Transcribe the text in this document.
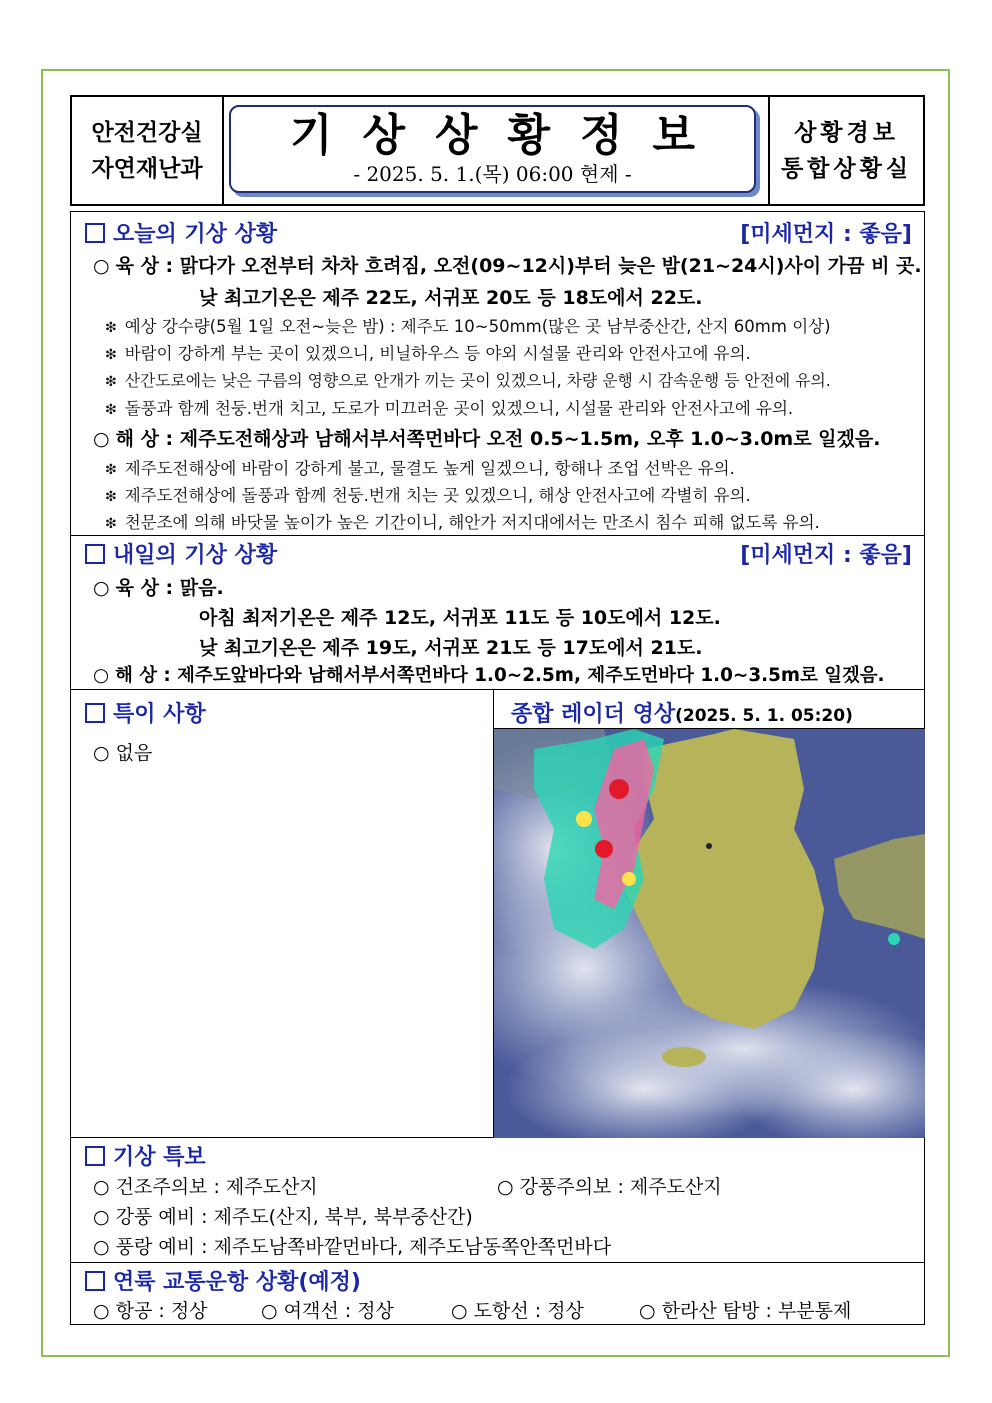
안전건강실
자연재난과
기상상황정보
- 2025. 5. 1.(목) 06:00 현제 -
상황경보
통합상황실
오늘의 기상 상황	[미세먼지 : 좋음]
○ 육 상 : 맑다가 오전부터 차차 흐려짐, 오전(09~12시)부터 늦은 밤(21~24시)사이 가끔 비 곳.
낮 최고기온은 제주 22도, 서귀포 20도 등 18도에서 22도.
❇ 예상 강수량(5월 1일 오전~늦은 밤) : 제주도 10~50mm(많은 곳 남부중산간, 산지 60mm 이상)
❇ 바람이 강하게 부는 곳이 있겠으니, 비닐하우스 등 야외 시설물 관리와 안전사고에 유의.
❇ 산간도로에는 낮은 구름의 영향으로 안개가 끼는 곳이 있겠으니, 차량 운행 시 감속운행 등 안전에 유의.
❇ 돌풍과 함께 천둥.번개 치고, 도로가 미끄러운 곳이 있겠으니, 시설물 관리와 안전사고에 유의.
○ 해 상 : 제주도전해상과 남해서부서쪽먼바다 오전 0.5~1.5m, 오후 1.0~3.0m로 일겠음.
❇ 제주도전해상에 바람이 강하게 불고, 물결도 높게 일겠으니, 항해나 조업 선박은 유의.
❇ 제주도전해상에 돌풍과 함께 천둥.번개 치는 곳 있겠으니, 해상 안전사고에 각별히 유의.
❇ 천문조에 의해 바닷물 높이가 높은 기간이니, 해안가 저지대에서는 만조시 침수 피해 없도록 유의.
내일의 기상 상황	[미세먼지 : 좋음]
○ 육 상 : 맑음.
아침 최저기온은 제주 12도, 서귀포 11도 등 10도에서 12도.
낮 최고기온은 제주 19도, 서귀포 21도 등 17도에서 21도.
○ 해 상 : 제주도앞바다와 남해서부서쪽먼바다 1.0~2.5m, 제주도먼바다 1.0~3.5m로 일겠음.
특이 사항
○ 없음
종합 레이더 영상(2025. 5. 1. 05:20)
기상 특보
○ 건조주의보 : 제주도산지	○ 강풍주의보 : 제주도산지
○ 강풍 예비 : 제주도(산지, 북부, 북부중산간)
○ 풍랑 예비 : 제주도남쪽바깥먼바다, 제주도남동쪽안쪽먼바다
연륙 교통운항 상황(예정)
○ 항공 : 정상	○ 여객선 : 정상	○ 도항선 : 정상	○ 한라산 탐방 : 부분통제
